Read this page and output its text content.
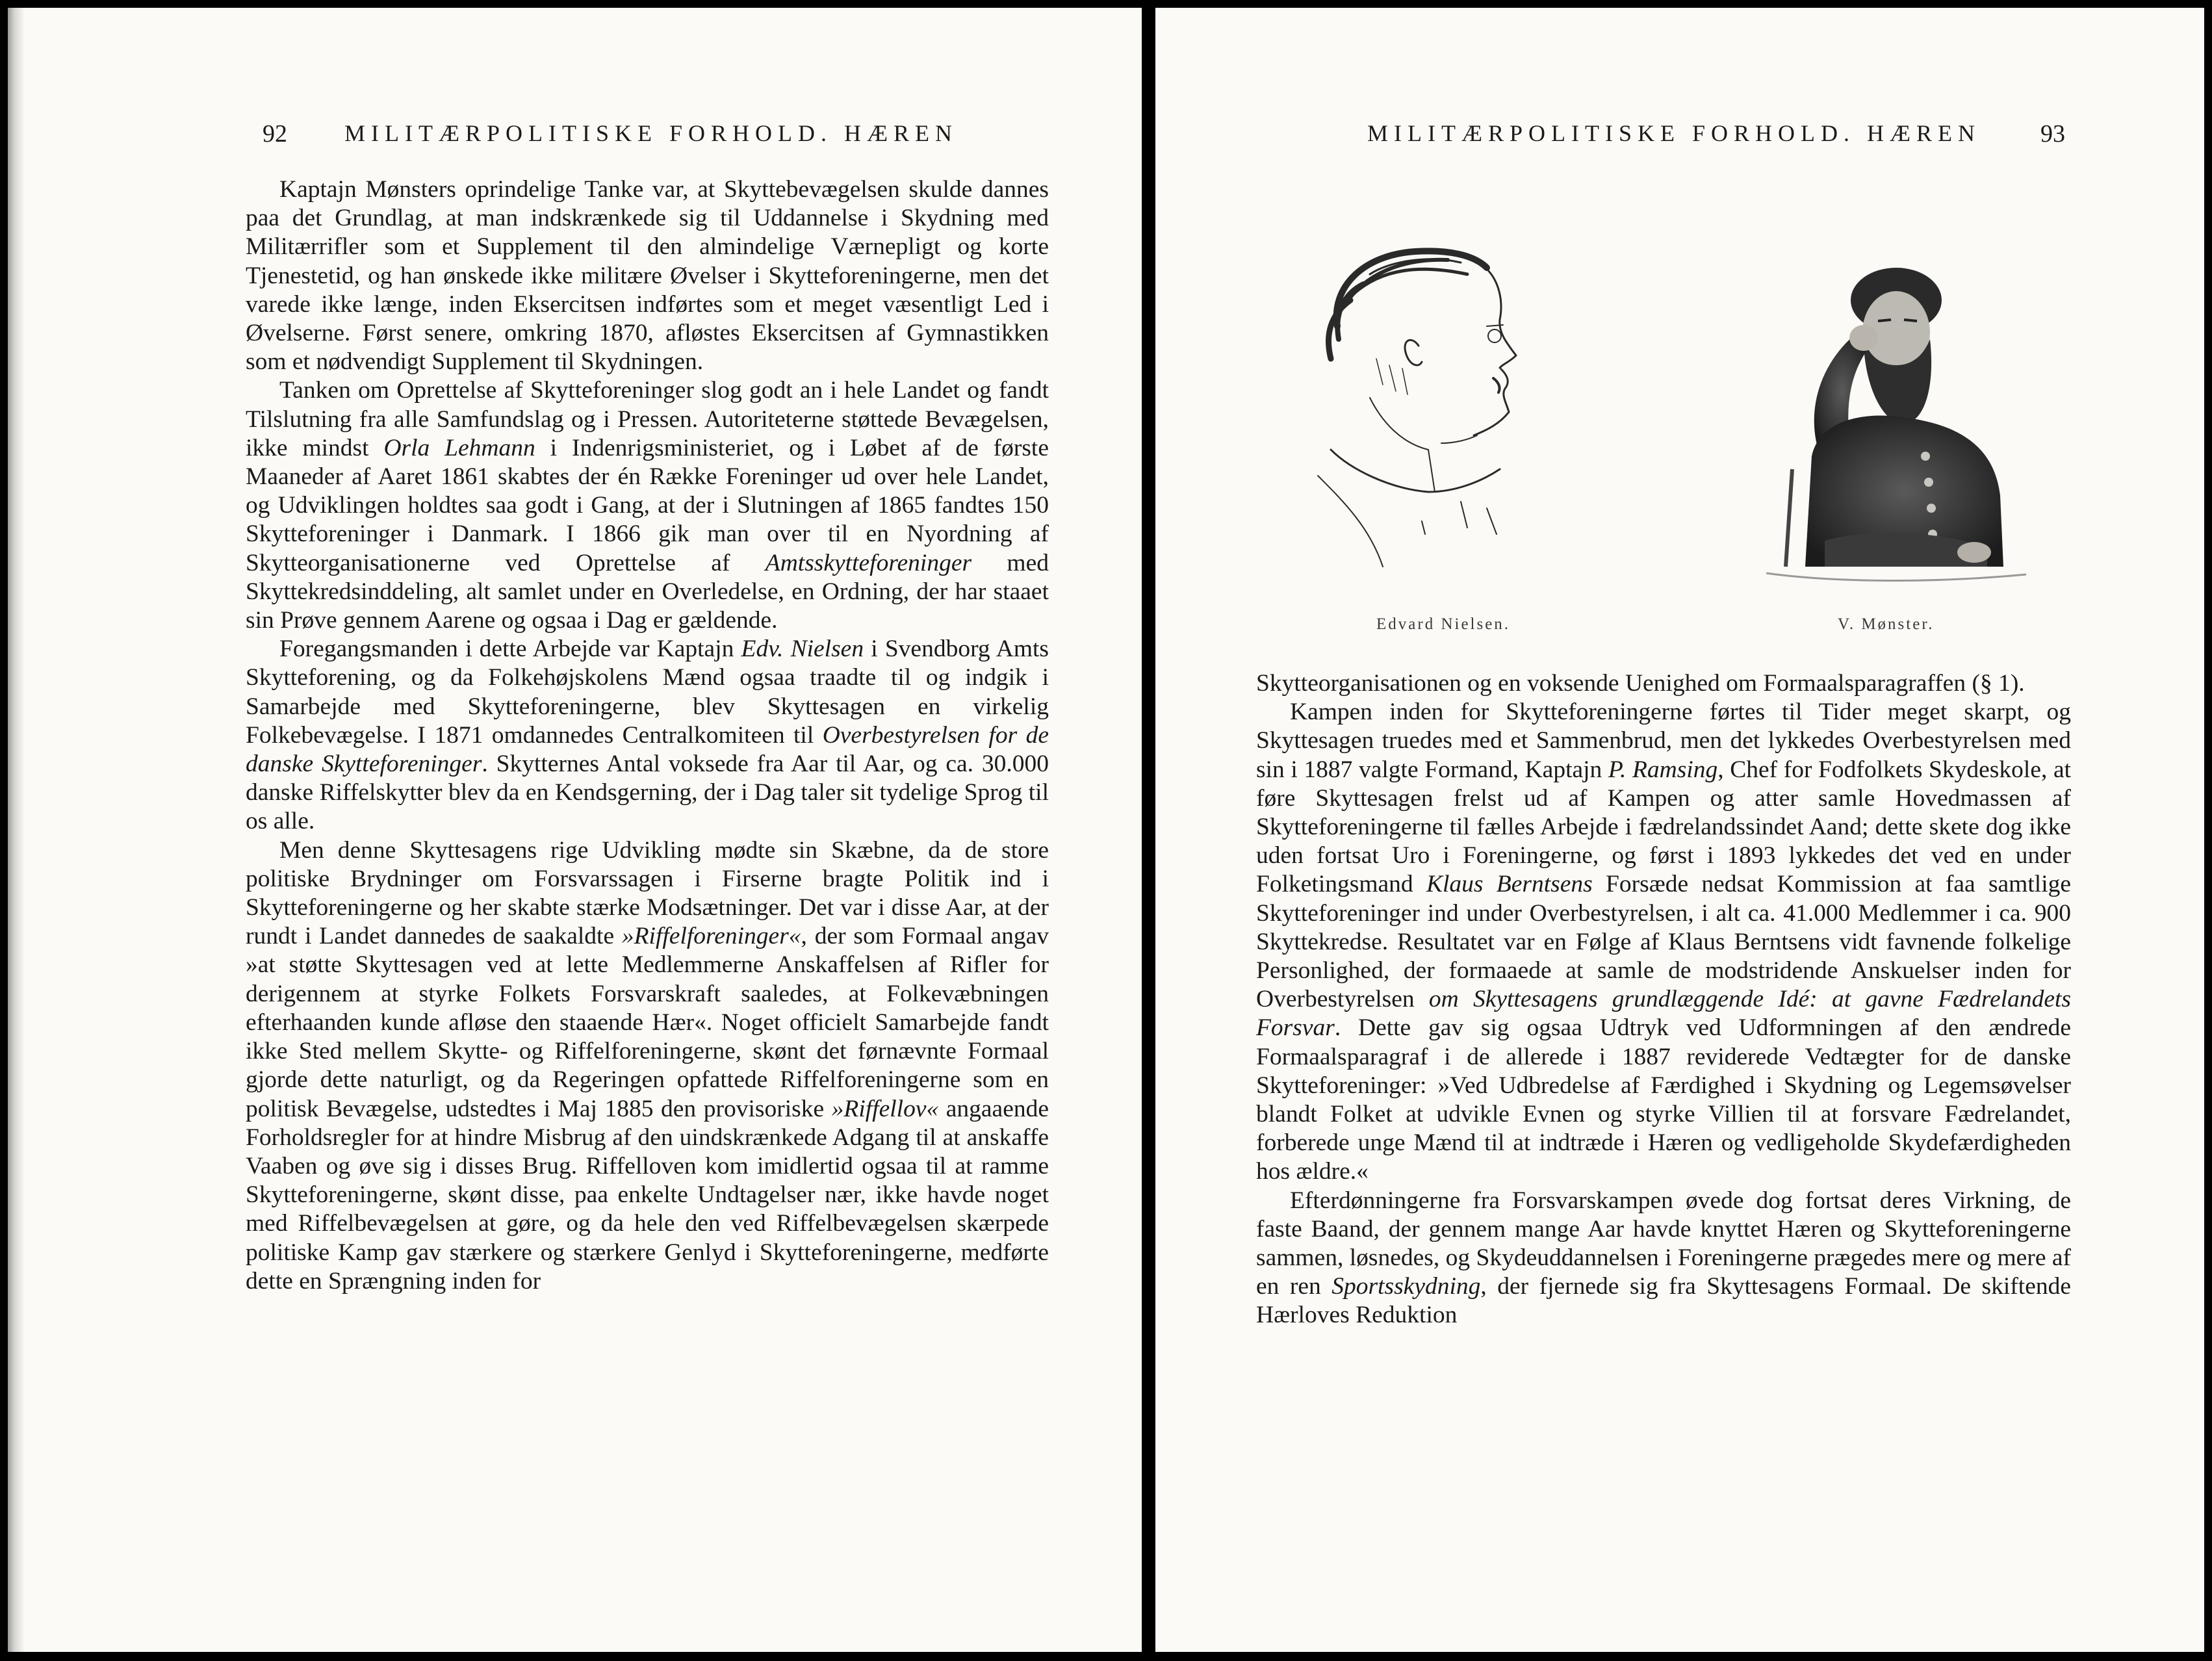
92 MILITÆRPOLITISKE FORHOLD. HÆREN

Kaptajn Mønsters oprindelige Tanke var, at Skyttebevægelsen skulde dannes paa det Grundlag, at man indskrænkede sig til Uddannelse i Skydning med Militærrifler som et Supplement til den almindelige Værnepligt og korte Tjenestetid, og han ønskede ikke militære Øvelser i Skytteforeningerne, men det varede ikke længe, inden Eksercitsen indførtes som et meget væsentligt Led i Øvelserne. Først senere, omkring 1870, afløstes Eksercitsen af Gymnastikken som et nødvendigt Supplement til Skydningen.

Tanken om Oprettelse af Skytteforeninger slog godt an i hele Landet og fandt Tilslutning fra alle Samfundslag og i Pressen. Autoriteterne støttede Bevægelsen, ikke mindst Orla Lehmann i Indenrigsministeriet, og i Løbet af de første Maaneder af Aaret 1861 skabtes der én Række Foreninger ud over hele Landet, og Udviklingen holdtes saa godt i Gang, at der i Slutningen af 1865 fandtes 150 Skytteforeninger i Danmark. I 1866 gik man over til en Nyordning af Skytteorganisationerne ved Oprettelse af Amtsskytteforeninger med Skyttekredsinddeling, alt samlet under en Overledelse, en Ordning, der har staaet sin Prøve gennem Aarene og ogsaa i Dag er gældende.

Foregangsmanden i dette Arbejde var Kaptajn Edv. Nielsen i Svendborg Amts Skytteforening, og da Folkehøjskolens Mænd ogsaa traadte til og indgik i Samarbejde med Skytteforeningerne, blev Skyttesagen en virkelig Folkebevægelse. I 1871 omdannedes Centralkomiteen til Overbestyrelsen for de danske Skytteforeninger. Skytternes Antal voksede fra Aar til Aar, og ca. 30.000 danske Riffelskytter blev da en Kendsgerning, der i Dag taler sit tydelige Sprog til os alle.

Men denne Skyttesagens rige Udvikling mødte sin Skæbne, da de store politiske Brydninger om Forsvarssagen i Firserne bragte Politik ind i Skytteforeningerne og her skabte stærke Modsætninger. Det var i disse Aar, at der rundt i Landet dannedes de saakaldte »Riffelforeninger«, der som Formaal angav »at støtte Skyttesagen ved at lette Medlemmerne Anskaffelsen af Rifler for derigennem at styrke Folkets Forsvarskraft saaledes, at Folkevæbningen efterhaanden kunde afløse den staaende Hær«. Noget officielt Samarbejde fandt ikke Sted mellem Skytte- og Riffelforeningerne, skønt det førnævnte Formaal gjorde dette naturligt, og da Regeringen opfattede Riffelforeningerne som en politisk Bevægelse, udstedtes i Maj 1885 den provisoriske »Riffellov« angaaende Forholdsregler for at hindre Misbrug af den uindskrænkede Adgang til at anskaffe Vaaben og øve sig i disses Brug. Riffelloven kom imidlertid ogsaa til at ramme Skytteforeningerne, skønt disse, paa enkelte Undtagelser nær, ikke havde noget med Riffelbevægelsen at gøre, og da hele den ved Riffelbevægelsen skærpede politiske Kamp gav stærkere og stærkere Genlyd i Skytteforeningerne, medførte dette en Sprængning inden for

MILITÆRPOLITISKE FORHOLD. HÆREN 93
Edvard Nielsen.	V. Mønster.

Skytteorganisationen og en voksende Uenighed om Formaalsparagraffen (§ 1).

Kampen inden for Skytteforeningerne førtes til Tider meget skarpt, og Skyttesagen truedes med et Sammenbrud, men det lykkedes Overbestyrelsen med sin i 1887 valgte Formand, Kaptajn P. Ramsing, Chef for Fodfolkets Skydeskole, at føre Skyttesagen frelst ud af Kampen og atter samle Hovedmassen af Skytteforeningerne til fælles Arbejde i fædrelandssindet Aand; dette skete dog ikke uden fortsat Uro i Foreningerne, og først i 1893 lykkedes det ved en under Folketingsmand Klaus Berntsens Forsæde nedsat Kommission at faa samtlige Skytteforeninger ind under Overbestyrelsen, i alt ca. 41.000 Medlemmer i ca. 900 Skyttekredse. Resultatet var en Følge af Klaus Berntsens vidt favnende folkelige Personlighed, der formaaede at samle de modstridende Anskuelser inden for Overbestyrelsen om Skyttesagens grundlæggende Idé: at gavne Fædrelandets Forsvar. Dette gav sig ogsaa Udtryk ved Udformningen af den ændrede Formaalsparagraf i de allerede i 1887 reviderede Vedtægter for de danske Skytteforeninger: »Ved Udbredelse af Færdighed i Skydning og Legemsøvelser blandt Folket at udvikle Evnen og styrke Villien til at forsvare Fædrelandet, forberede unge Mænd til at indtræde i Hæren og vedligeholde Skydefærdigheden hos ældre.«

Efterdønningerne fra Forsvarskampen øvede dog fortsat deres Virkning, de faste Baand, der gennem mange Aar havde knyttet Hæren og Skytteforeningerne sammen, løsnedes, og Skydeuddannelsen i Foreningerne prægedes mere og mere af en ren Sportsskydning, der fjernede sig fra Skyttesagens Formaal. De skiftende Hærloves Reduktion
